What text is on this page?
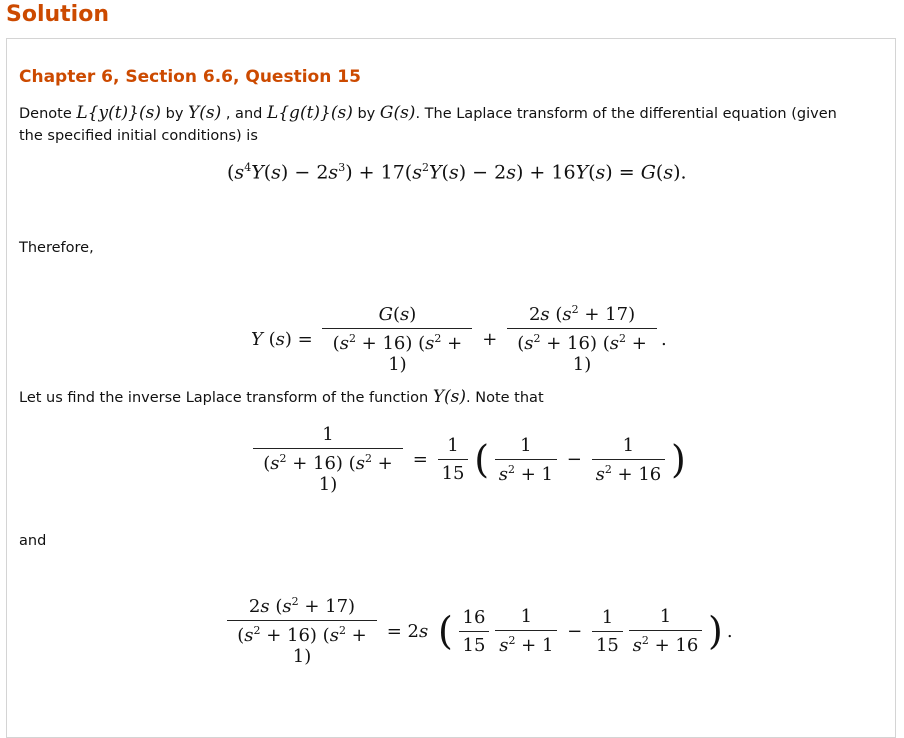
Solution
Chapter 6, Section 6.6, Question 15
Denote L{y(t)}(s) by Y(s) , and L{g(t)}(s) by G(s). The Laplace transform of the differential equation (given
the specified initial conditions) is
$(s^4Y(s) - 2s^3) + 17(s^2Y(s) - 2s) + 16Y(s) = G(s)$.
Therefore,
Y $(s) = \frac{G(s)}{(s^2 + 16) (s^2 + 1)} + \frac{2s (s^2 + 17)}{(s^2 + 16) (s^2 + 1)}$ .
Let us find the inverse Laplace transform of the function Y(s). Note that
$\frac{1}{(s^2 + 16) (s^2 + 1)} = \frac{1}{15}$ ( $\frac{1}{s^2 + 1} - \frac{1}{s^2 + 16}$ )
and
$\frac{2s (s^2 + 17)}{(s^2 + 16) (s^2 + 1)} = 2s$ ( $\frac{16}{15}$
$\frac{1}{s^2 + 1} - \frac{1}{15}$
$\frac{1}{s^2 + 16}$ ) .
